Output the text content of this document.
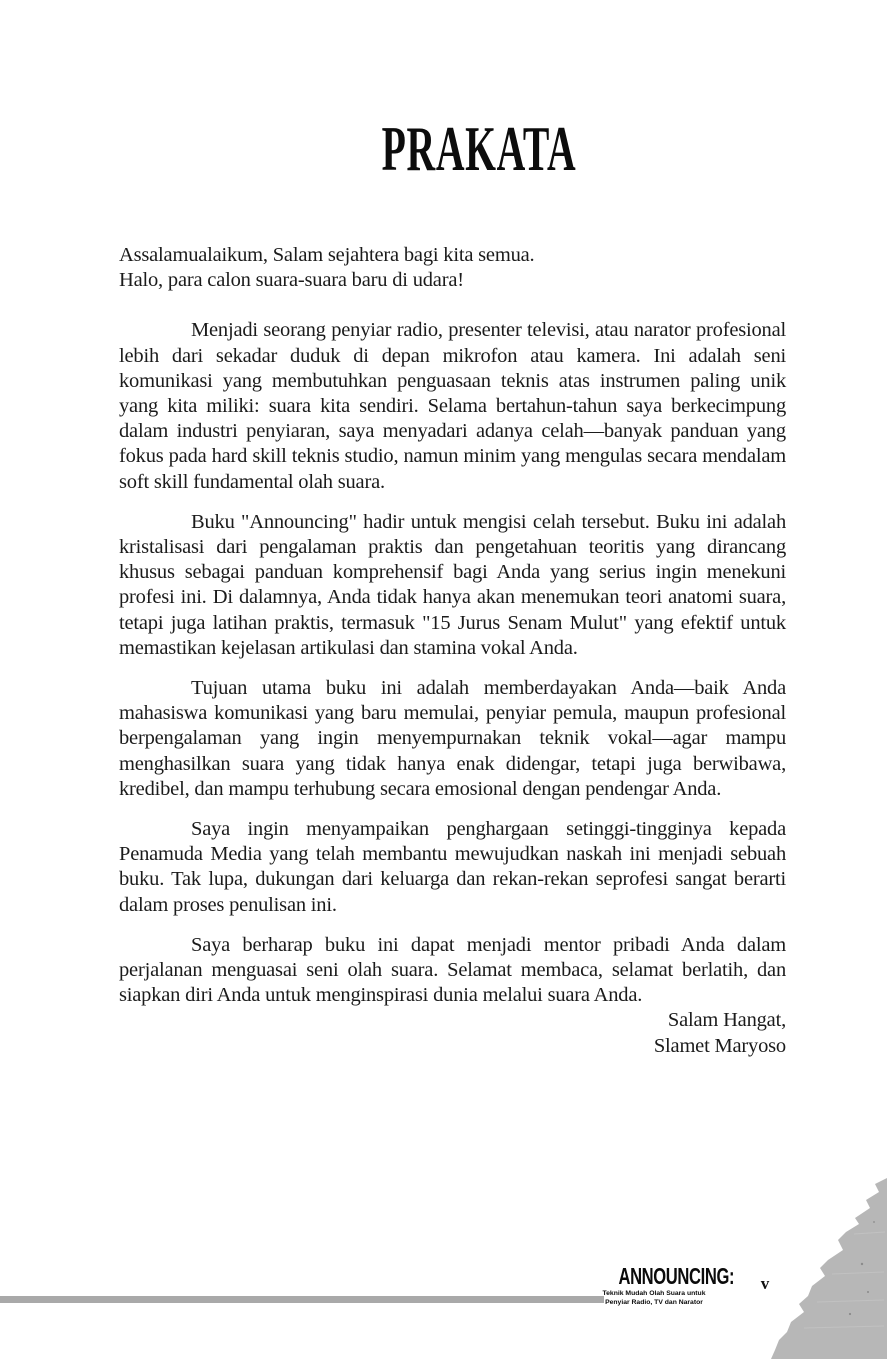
PRAKATA

Assalamualaikum, Salam sejahtera bagi kita semua.

Halo, para calon suara-suara baru di udara!

Menjadi seorang penyiar radio, presenter televisi, atau narator profesional lebih dari sekadar duduk di depan mikrofon atau kamera. Ini adalah seni komunikasi yang membutuhkan penguasaan teknis atas instrumen paling unik yang kita miliki: suara kita sendiri. Selama bertahun-tahun saya berkecimpung dalam industri penyiaran, saya menyadari adanya celah—banyak panduan yang fokus pada hard skill teknis studio, namun minim yang mengulas secara mendalam soft skill fundamental olah suara.

Buku "Announcing" hadir untuk mengisi celah tersebut. Buku ini adalah kristalisasi dari pengalaman praktis dan pengetahuan teoritis yang dirancang khusus sebagai panduan komprehensif bagi Anda yang serius ingin menekuni profesi ini. Di dalamnya, Anda tidak hanya akan menemukan teori anatomi suara, tetapi juga latihan praktis, termasuk "15 Jurus Senam Mulut" yang efektif untuk memastikan kejelasan artikulasi dan stamina vokal Anda.

Tujuan utama buku ini adalah memberdayakan Anda—baik Anda mahasiswa komunikasi yang baru memulai, penyiar pemula, maupun profesional berpengalaman yang ingin menyempurnakan teknik vokal—agar mampu menghasilkan suara yang tidak hanya enak didengar, tetapi juga berwibawa, kredibel, dan mampu terhubung secara emosional dengan pendengar Anda.

Saya ingin menyampaikan penghargaan setinggi-tingginya kepada Penamuda Media yang telah membantu mewujudkan naskah ini menjadi sebuah buku. Tak lupa, dukungan dari keluarga dan rekan-rekan seprofesi sangat berarti dalam proses penulisan ini.

Saya berharap buku ini dapat menjadi mentor pribadi Anda dalam perjalanan menguasai seni olah suara. Selamat membaca, selamat berlatih, dan siapkan diri Anda untuk menginspirasi dunia melalui suara Anda.

Salam Hangat,

Slamet Maryoso

ANNOUNCING:
Teknik Mudah Olah Suara untuk
Penyiar Radio, TV dan Narator
v
